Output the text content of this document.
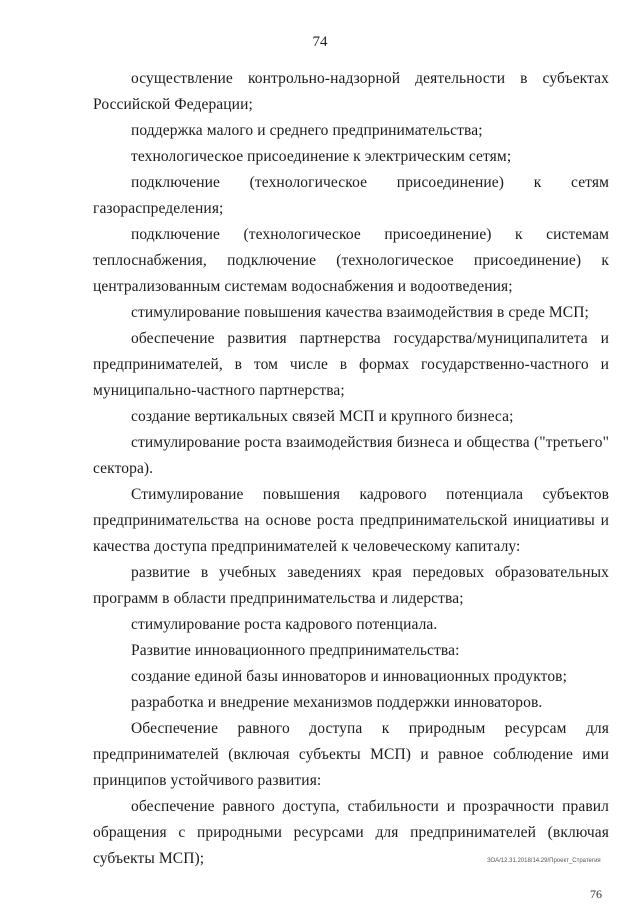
74

осуществление контрольно-надзорной деятельности в субъектах Российской Федерации;

поддержка малого и среднего предпринимательства;

технологическое присоединение к электрическим сетям;

подключение (технологическое присоединение) к сетям газораспределения;

подключение (технологическое присоединение) к системам теплоснабжения, подключение (технологическое присоединение) к централизованным системам водоснабжения и водоотведения;

стимулирование повышения качества взаимодействия в среде МСП;

обеспечение развития партнерства государства/муниципалитета и предпринимателей, в том числе в формах государственно-частного и муниципально-частного партнерства;

создание вертикальных связей МСП и крупного бизнеса;

стимулирование роста взаимодействия бизнеса и общества ("третьего" сектора).

Стимулирование повышения кадрового потенциала субъектов предпринимательства на основе роста предпринимательской инициативы и качества доступа предпринимателей к человеческому капиталу:

развитие в учебных заведениях края передовых образовательных программ в области предпринимательства и лидерства;

стимулирование роста кадрового потенциала.

Развитие инновационного предпринимательства:

создание единой базы инноваторов и инновационных продуктов;

разработка и внедрение механизмов поддержки инноваторов.

Обеспечение равного доступа к природным ресурсам для предпринимателей (включая субъекты МСП) и равное соблюдение ими принципов устойчивого развития:

обеспечение равного доступа, стабильности и прозрачности правил обращения с природными ресурсами для предпринимателей (включая субъекты МСП);	ЗОА/12.31.2018/14.29/Проект_Стратегия
76
